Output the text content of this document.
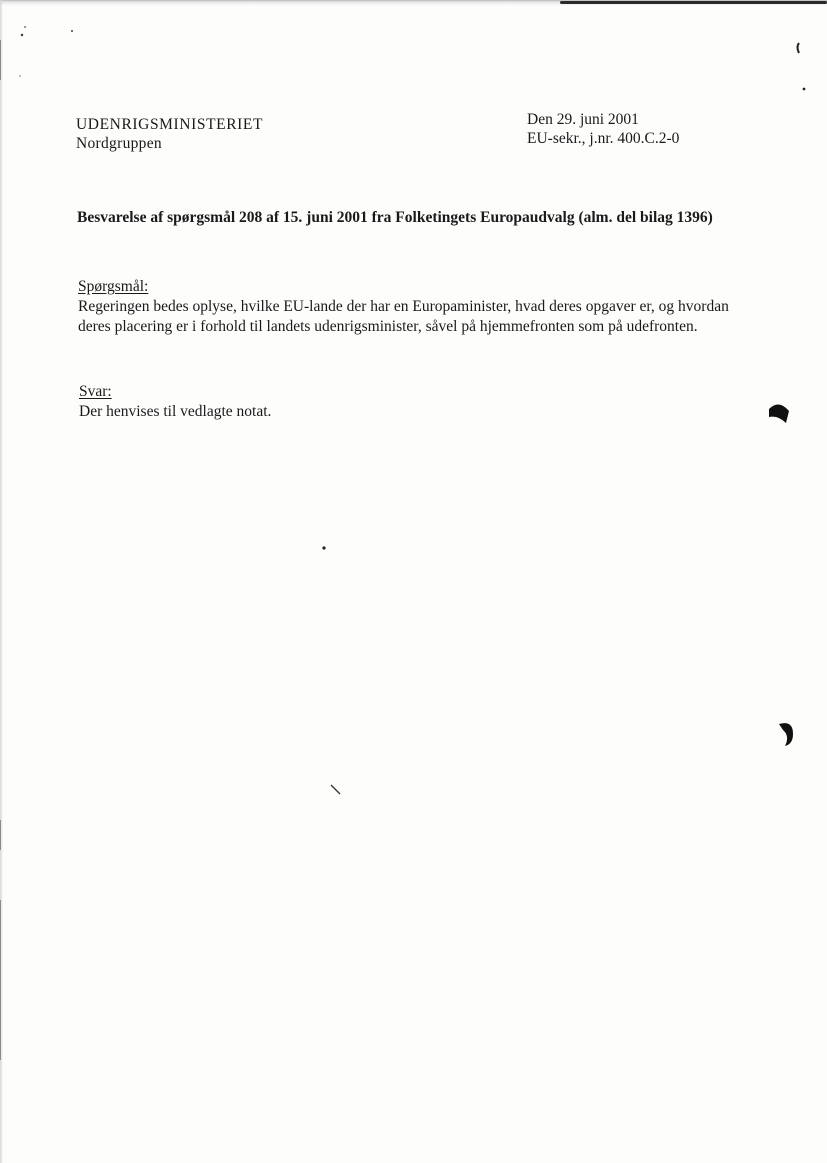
UDENRIGSMINISTERIET
Nordgruppen
Den 29. juni 2001
EU-sekr., j.nr. 400.C.2-0
Besvarelse af spørgsmål 208 af 15. juni 2001 fra Folketingets Europaudvalg (alm. del bilag 1396)
Spørgsmål:
Regeringen bedes oplyse, hvilke EU-lande der har en Europaminister, hvad deres opgaver er, og hvordan deres placering er i forhold til landets udenrigsminister, såvel på hjemmefronten som på udefronten.
Svar:
Der henvises til vedlagte notat.
